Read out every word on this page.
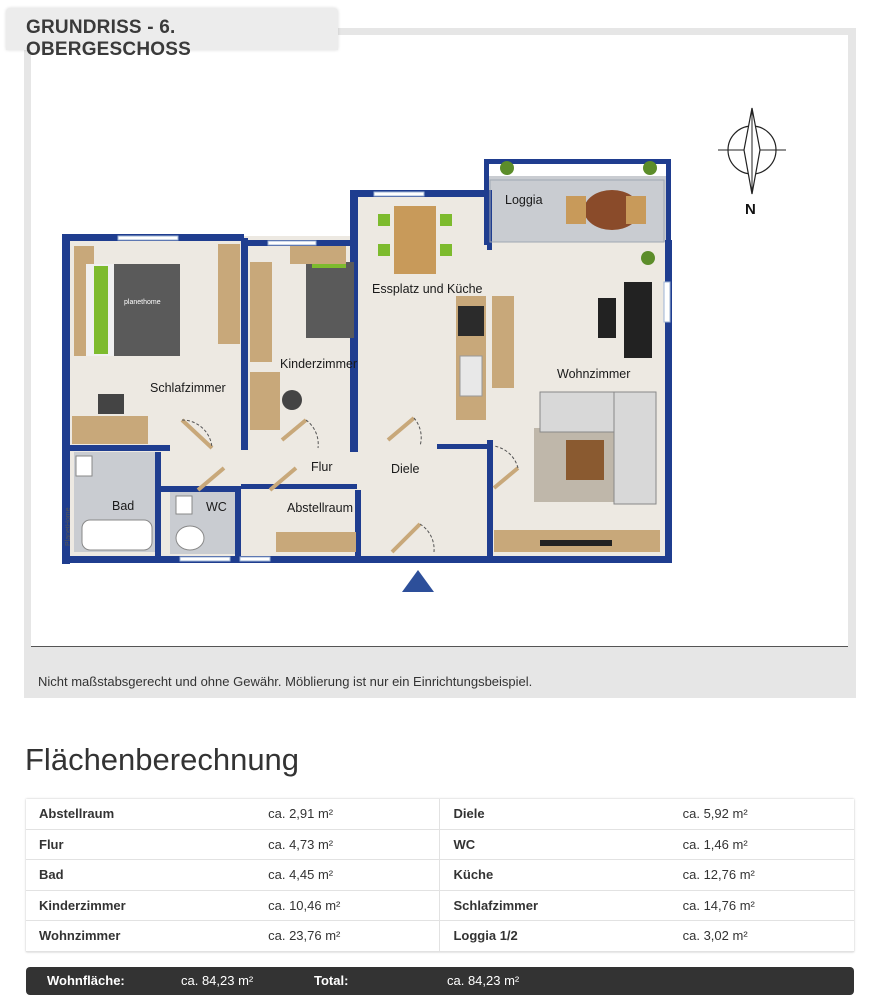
GRUNDRISS - 6. OBERGESCHOSS
planethome
N
PlanetHome
Loggia
Essplatz und Küche
Schlafzimmer
Kinderzimmer
Wohnzimmer
Flur	Diele
Bad	WC	Abstellraum
Nicht maßstabsgerecht und ohne Gewähr. Möblierung ist nur ein Einrichtungsbeispiel.
Flächenberechnung
Abstellraum	ca. 2,91 m²	Diele	ca. 5,92 m²
Flur	ca. 4,73 m²	WC	ca. 1,46 m²
Bad	ca. 4,45 m²	Küche	ca. 12,76 m²
Kinderzimmer	ca. 10,46 m²	Schlafzimmer	ca. 14,76 m²
Wohnzimmer	ca. 23,76 m²	Loggia 1/2	ca. 3,02 m²
Wohnfläche:	ca. 84,23 m²	Total:	ca. 84,23 m²
